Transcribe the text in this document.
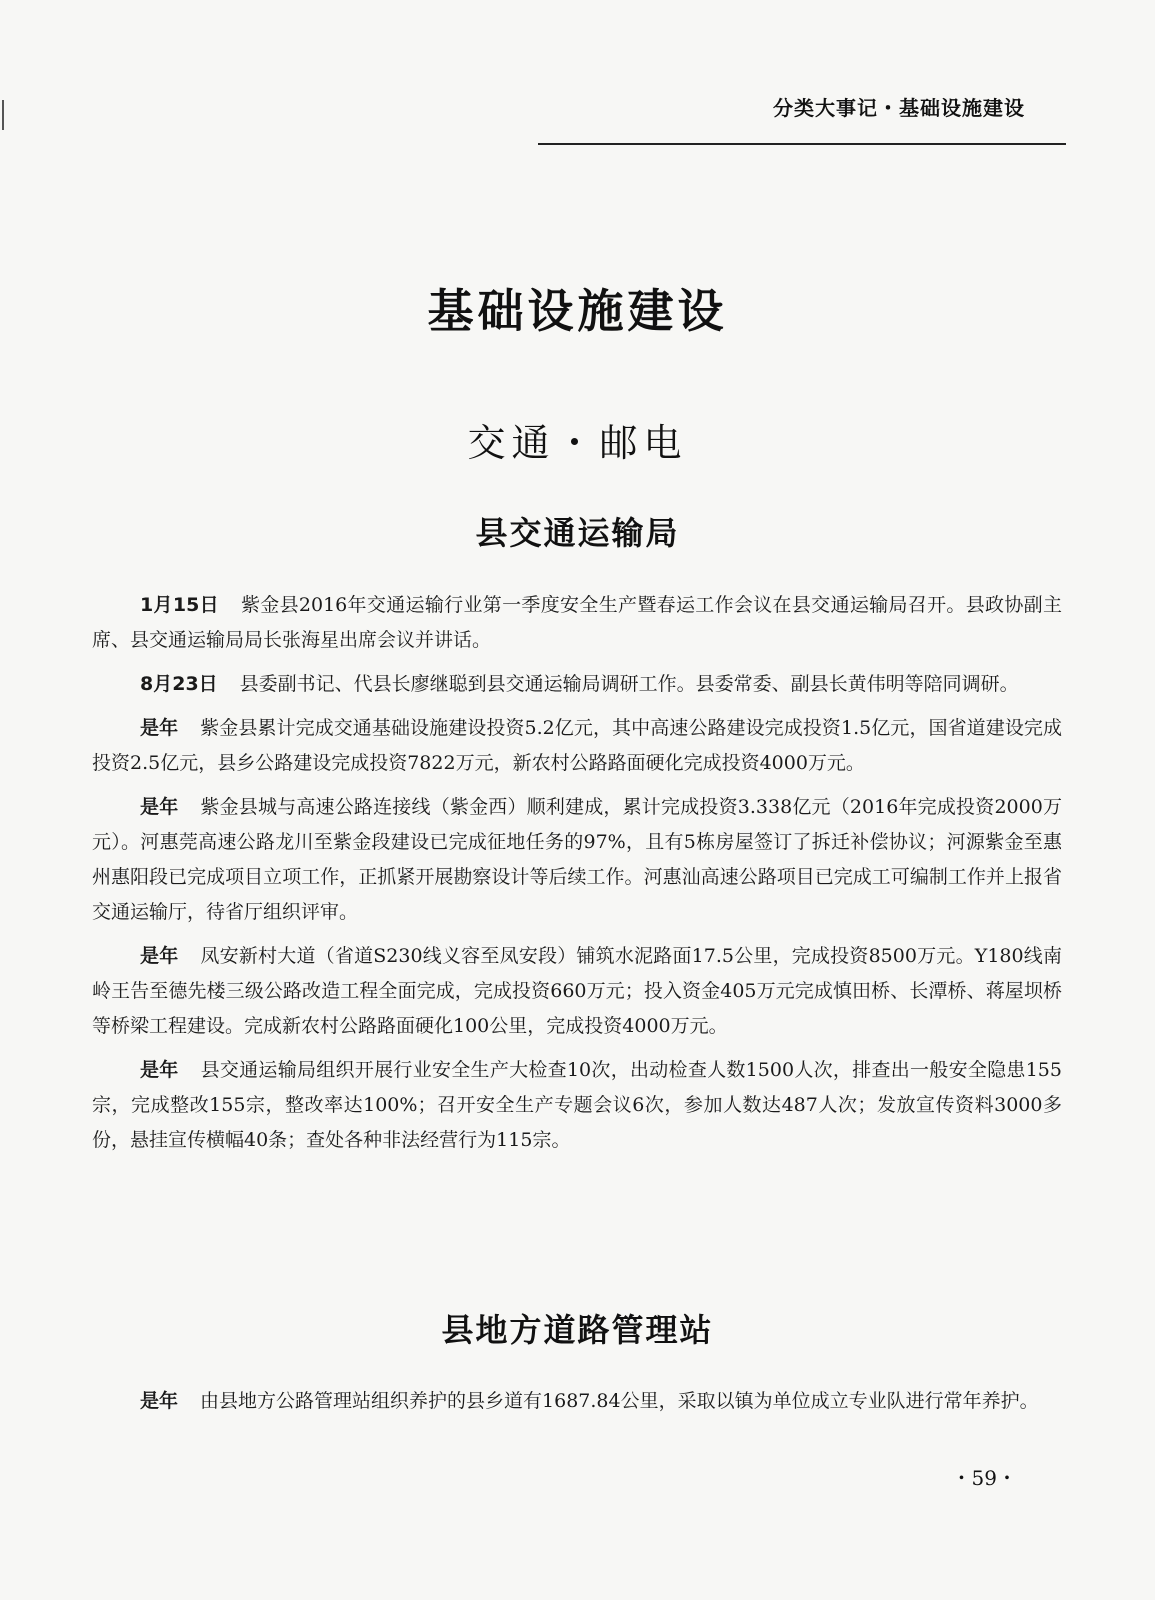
分类大事记・基础设施建设
基础设施建设
交通・邮电
县交通运输局

1月15日 紫金县2016年交通运输行业第一季度安全生产暨春运工作会议在县交通运输局召开。县政协副主席、县交通运输局局长张海星出席会议并讲话。

8月23日 县委副书记、代县长廖继聪到县交通运输局调研工作。县委常委、副县长黄伟明等陪同调研。

是年 紫金县累计完成交通基础设施建设投资5.2亿元，其中高速公路建设完成投资1.5亿元，国省道建设完成投资2.5亿元，县乡公路建设完成投资7822万元，新农村公路路面硬化完成投资4000万元。

是年 紫金县城与高速公路连接线（紫金西）顺利建成，累计完成投资3.338亿元（2016年完成投资2000万元）。河惠莞高速公路龙川至紫金段建设已完成征地任务的97%，且有5栋房屋签订了拆迁补偿协议；河源紫金至惠州惠阳段已完成项目立项工作，正抓紧开展勘察设计等后续工作。河惠汕高速公路项目已完成工可编制工作并上报省交通运输厅，待省厅组织评审。

是年 凤安新村大道（省道S230线义容至凤安段）铺筑水泥路面17.5公里，完成投资8500万元。Y180线南岭王告至德先楼三级公路改造工程全面完成，完成投资660万元；投入资金405万元完成慎田桥、长潭桥、蒋屋坝桥等桥梁工程建设。完成新农村公路路面硬化100公里，完成投资4000万元。

是年 县交通运输局组织开展行业安全生产大检查10次，出动检查人数1500人次，排查出一般安全隐患155宗，完成整改155宗，整改率达100%；召开安全生产专题会议6次，参加人数达487人次；发放宣传资料3000多份，悬挂宣传横幅40条；查处各种非法经营行为115宗。

县地方道路管理站

是年 由县地方公路管理站组织养护的县乡道有1687.84公里，采取以镇为单位成立专业队进行常年养护。

・59・
